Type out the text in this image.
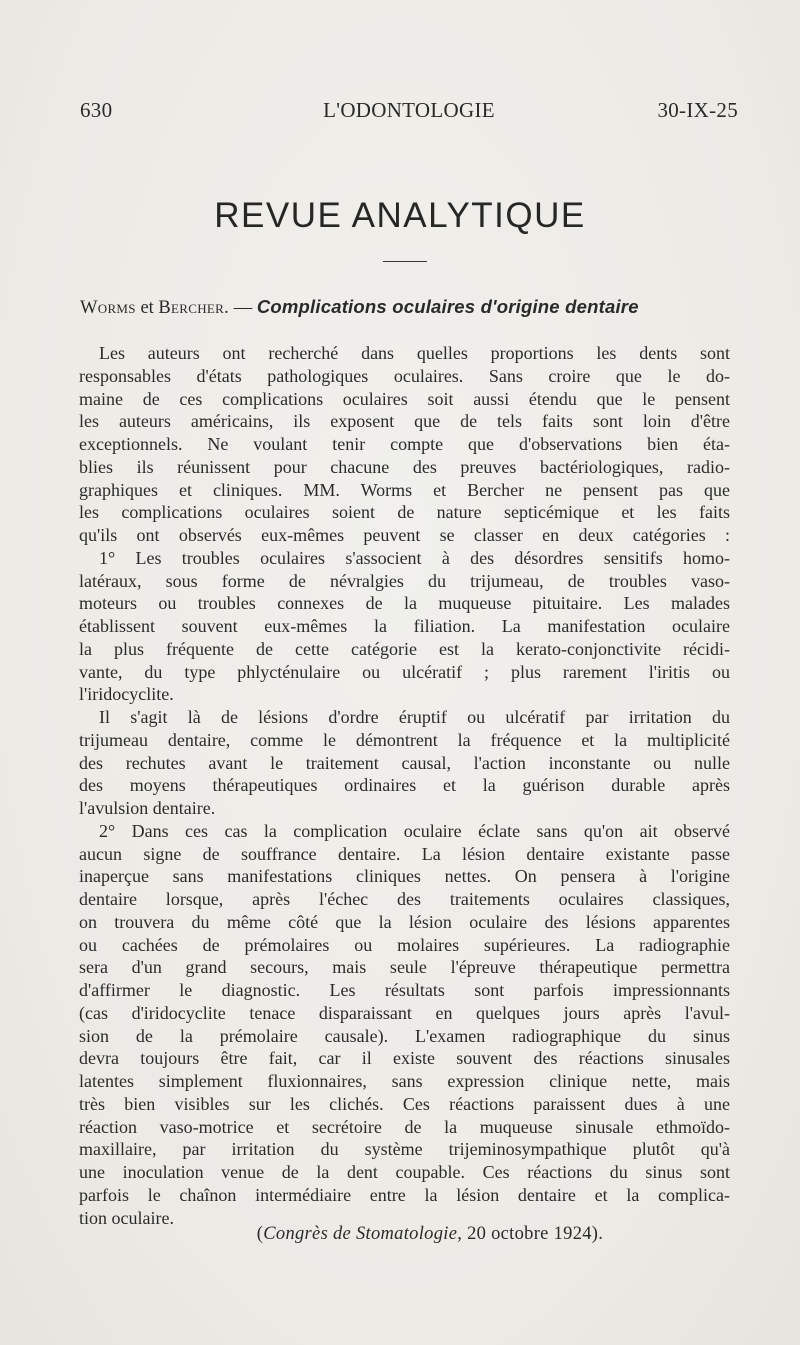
630	L'ODONTOLOGIE	30-IX-25
REVUE ANALYTIQUE
Worms et Bercher. — Complications oculaires d'origine dentaire
Les auteurs ont recherché dans quelles proportions les dents sont
responsables d'états pathologiques oculaires. Sans croire que le do-
maine de ces complications oculaires soit aussi étendu que le pensent
les auteurs américains, ils exposent que de tels faits sont loin d'être
exceptionnels. Ne voulant tenir compte que d'observations bien éta-
blies ils réunissent pour chacune des preuves bactériologiques, radio-
graphiques et cliniques. MM. Worms et Bercher ne pensent pas que
les complications oculaires soient de nature septicémique et les faits
qu'ils ont observés eux-mêmes peuvent se classer en deux catégories :
1° Les troubles oculaires s'associent à des désordres sensitifs homo-
latéraux, sous forme de névralgies du trijumeau, de troubles vaso-
moteurs ou troubles connexes de la muqueuse pituitaire. Les malades
établissent souvent eux-mêmes la filiation. La manifestation oculaire
la plus fréquente de cette catégorie est la kerato-conjonctivite récidi-
vante, du type phlycténulaire ou ulcératif ; plus rarement l'iritis ou
l'iridocyclite.
Il s'agit là de lésions d'ordre éruptif ou ulcératif par irritation du
trijumeau dentaire, comme le démontrent la fréquence et la multiplicité
des rechutes avant le traitement causal, l'action inconstante ou nulle
des moyens thérapeutiques ordinaires et la guérison durable après
l'avulsion dentaire.
2° Dans ces cas la complication oculaire éclate sans qu'on ait observé
aucun signe de souffrance dentaire. La lésion dentaire existante passe
inaperçue sans manifestations cliniques nettes. On pensera à l'origine
dentaire lorsque, après l'échec des traitements oculaires classiques,
on trouvera du même côté que la lésion oculaire des lésions apparentes
ou cachées de prémolaires ou molaires supérieures. La radiographie
sera d'un grand secours, mais seule l'épreuve thérapeutique permettra
d'affirmer le diagnostic. Les résultats sont parfois impressionnants
(cas d'iridocyclite tenace disparaissant en quelques jours après l'avul-
sion de la prémolaire causale). L'examen radiographique du sinus
devra toujours être fait, car il existe souvent des réactions sinusales
latentes simplement fluxionnaires, sans expression clinique nette, mais
très bien visibles sur les clichés. Ces réactions paraissent dues à une
réaction vaso-motrice et secrétoire de la muqueuse sinusale ethmoïdo-
maxillaire, par irritation du système trijeminosympathique plutôt qu'à
une inoculation venue de la dent coupable. Ces réactions du sinus sont
parfois le chaînon intermédiaire entre la lésion dentaire et la complica-
tion oculaire.
(Congrès de Stomatologie, 20 octobre 1924).
